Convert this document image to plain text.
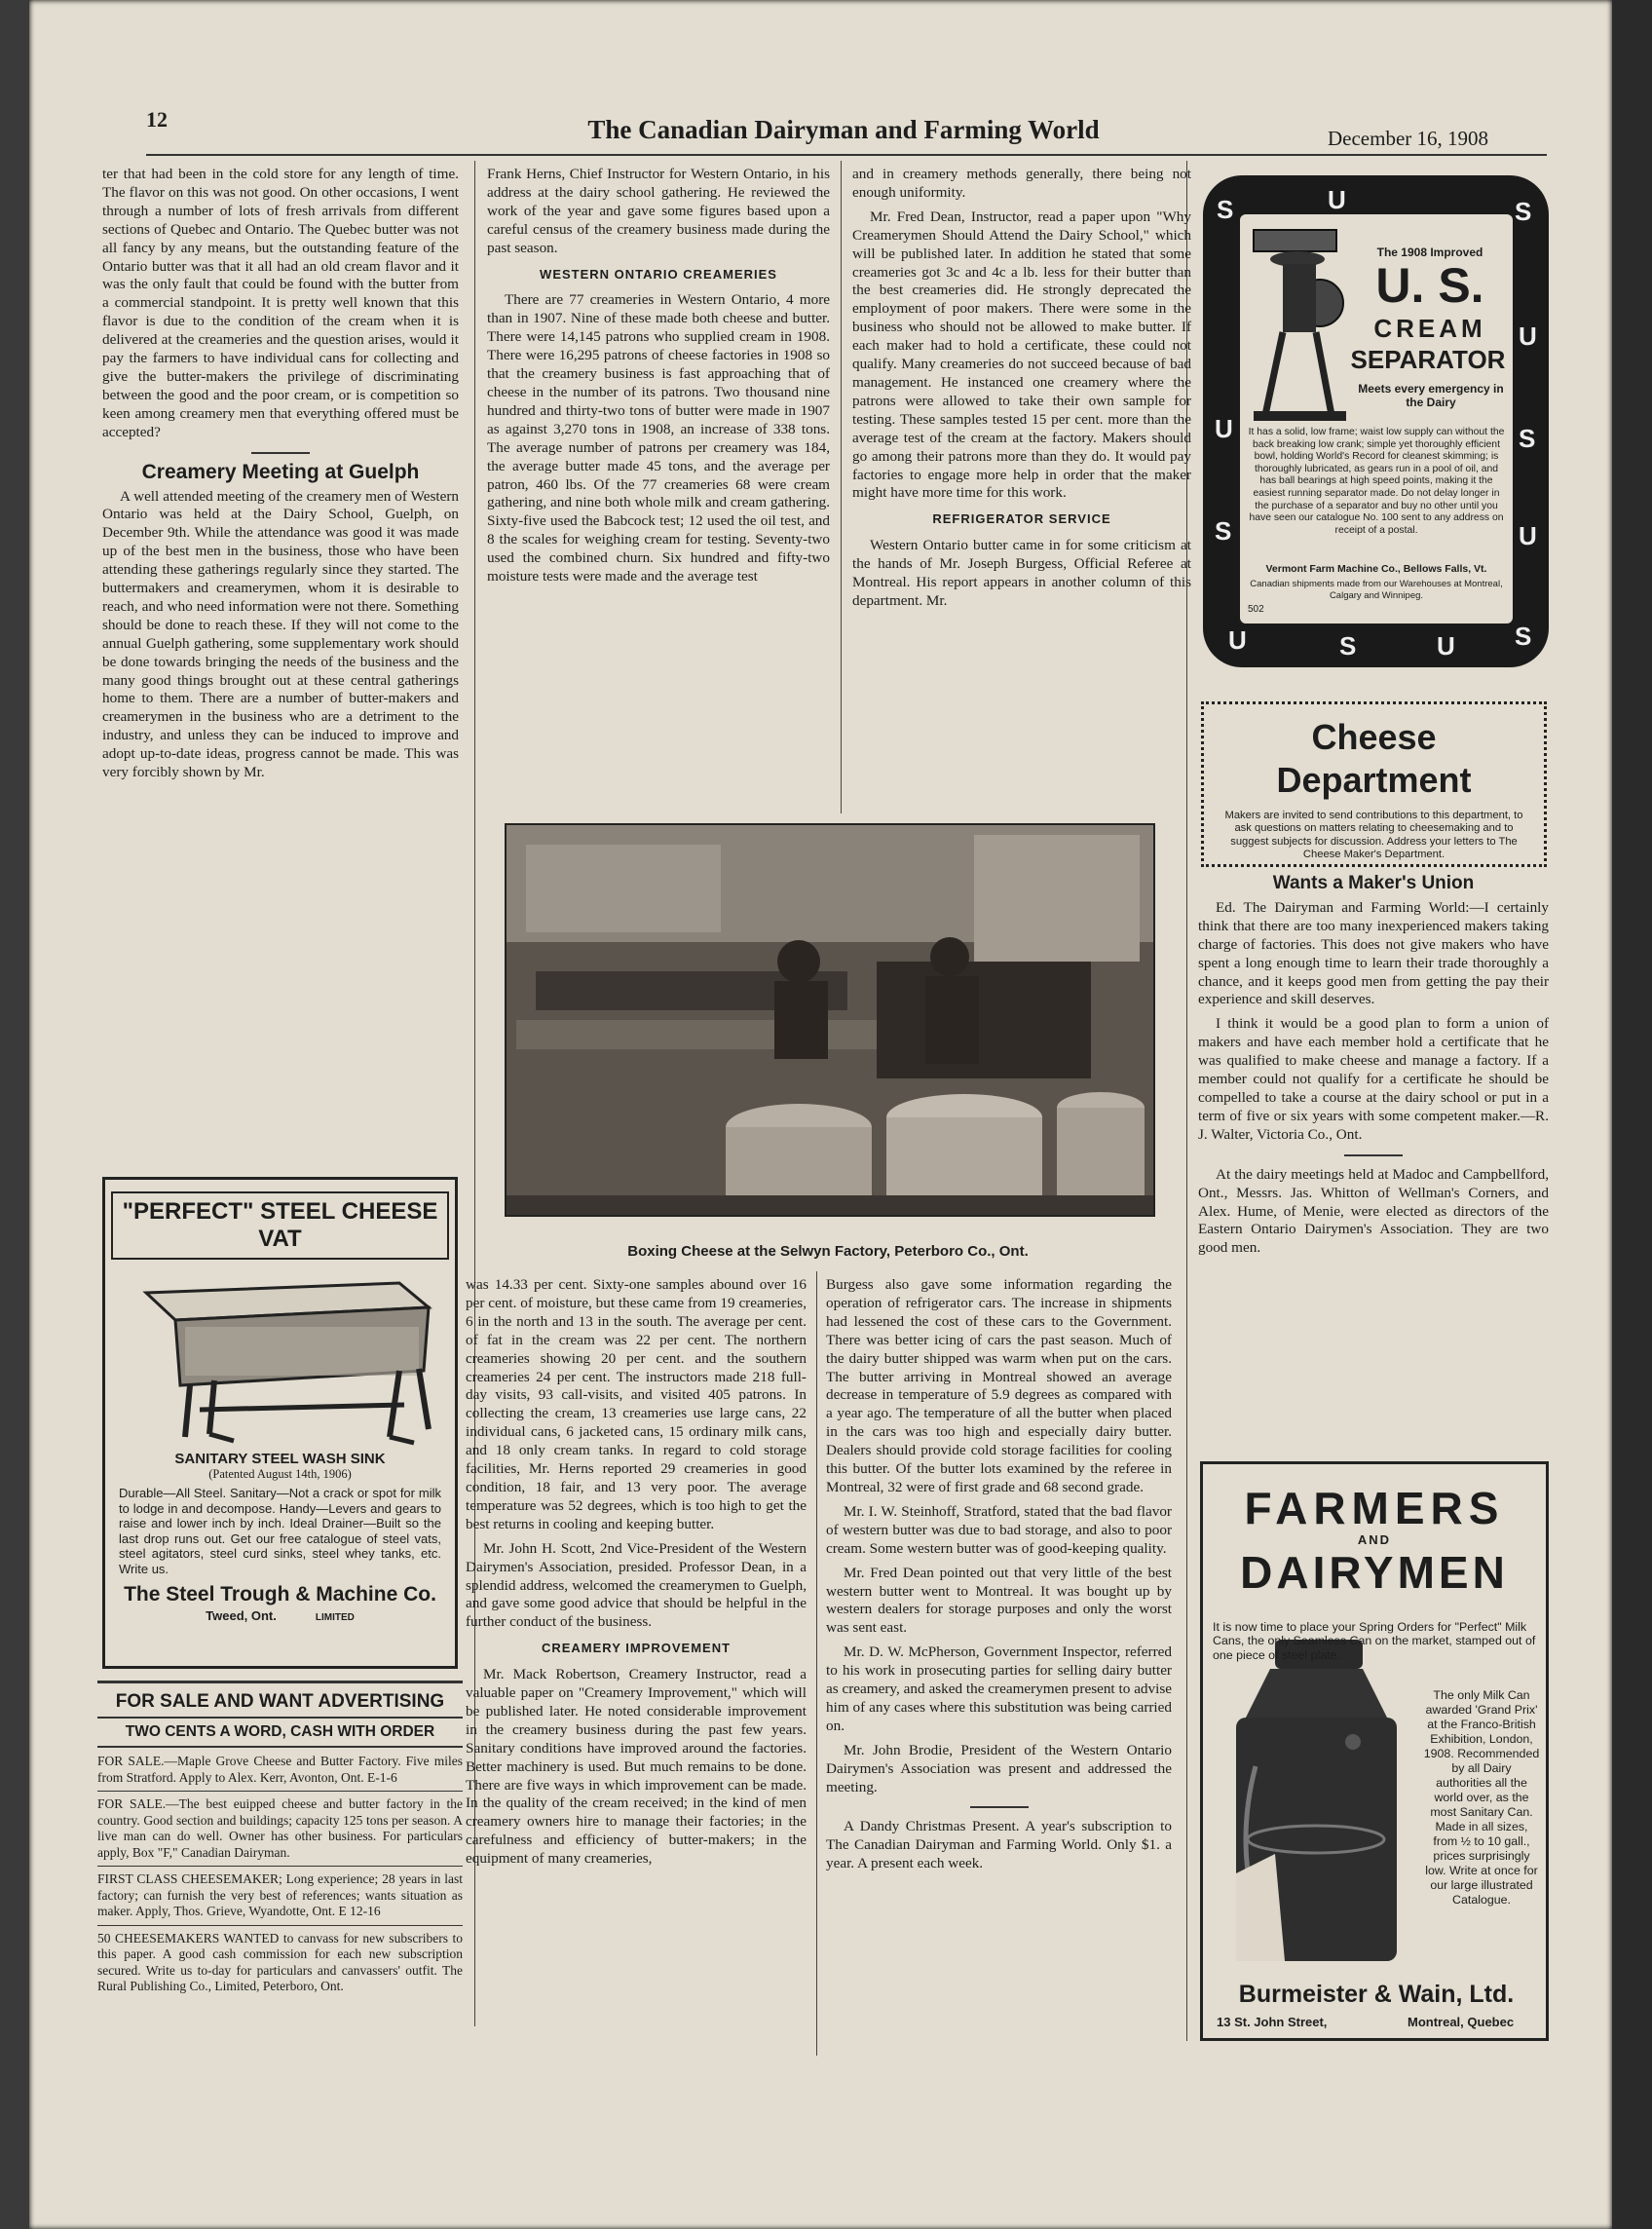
12	The Canadian Dairyman and Farming World	December 16, 1908

ter that had been in the cold store for any length of time. The flavor on this was not good. On other occasions, I went through a number of lots of fresh arrivals from different sections of Quebec and Ontario. The Quebec butter was not all fancy by any means, but the outstanding feature of the Ontario butter was that it all had an old cream flavor and it was the only fault that could be found with the butter from a commercial standpoint. It is pretty well known that this flavor is due to the condition of the cream when it is delivered at the creameries and the question arises, would it pay the farmers to have individual cans for collecting and give the butter-makers the privilege of discriminating between the good and the poor cream, or is competition so keen among creamery men that everything offered must be accepted?

Creamery Meeting at Guelph

A well attended meeting of the creamery men of Western Ontario was held at the Dairy School, Guelph, on December 9th. While the attendance was good it was made up of the best men in the business, those who have been attending these gatherings regularly since they started. The buttermakers and creamerymen, whom it is desirable to reach, and who need information were not there. Something should be done to reach these. If they will not come to the annual Guelph gathering, some supplementary work should be done towards bringing the needs of the business and the many good things brought out at these central gatherings home to them. There are a number of butter-makers and creamerymen in the business who are a detriment to the industry, and unless they can be induced to improve and adopt up-to-date ideas, progress cannot be made. This was very forcibly shown by Mr.

Frank Herns, Chief Instructor for Western Ontario, in his address at the dairy school gathering. He reviewed the work of the year and gave some figures based upon a careful census of the creamery business made during the past season.

WESTERN ONTARIO CREAMERIES

There are 77 creameries in Western Ontario, 4 more than in 1907. Nine of these made both cheese and butter. There were 14,145 patrons who supplied cream in 1908. There were 16,295 patrons of cheese factories in 1908 so that the creamery business is fast approaching that of cheese in the number of its patrons. Two thousand nine hundred and thirty-two tons of butter were made in 1907 as against 3,270 tons in 1908, an increase of 338 tons. The average number of patrons per creamery was 184, the average butter made 45 tons, and the average per patron, 460 lbs. Of the 77 creameries 68 were cream gathering, and nine both whole milk and cream gathering. Sixty-five used the Babcock test; 12 used the oil test, and 8 the scales for weighing cream for testing. Seventy-two used the combined churn. Six hundred and fifty-two moisture tests were made and the average test

and in creamery methods generally, there being not enough uniformity.

Mr. Fred Dean, Instructor, read a paper upon "Why Creamerymen Should Attend the Dairy School," which will be published later. In addition he stated that some creameries got 3c and 4c a lb. less for their butter than the best creameries did. He strongly deprecated the employment of poor makers. There were some in the business who should not be allowed to make butter. If each maker had to hold a certificate, these could not qualify. Many creameries do not succeed because of bad management. He instanced one creamery where the patrons were allowed to take their own sample for testing. These samples tested 15 per cent. more than the average test of the cream at the factory. Makers should go among their patrons more than they do. It would pay factories to engage more help in order that the maker might have more time for this work.

REFRIGERATOR SERVICE

Western Ontario butter came in for some criticism at the hands of Mr. Joseph Burgess, Official Referee at Montreal. His report appears in another column of this department. Mr.

Boxing Cheese at the Selwyn Factory, Peterboro Co., Ont.

was 14.33 per cent. Sixty-one samples abound over 16 per cent. of moisture, but these came from 19 creameries, 6 in the north and 13 in the south. The average per cent. of fat in the cream was 22 per cent. The northern creameries showing 20 per cent. and the southern creameries 24 per cent. The instructors made 218 full-day visits, 93 call-visits, and visited 405 patrons. In collecting the cream, 13 creameries use large cans, 22 individual cans, 6 jacketed cans, 15 ordinary milk cans, and 18 only cream tanks. In regard to cold storage facilities, Mr. Herns reported 29 creameries in good condition, 18 fair, and 13 very poor. The average temperature was 52 degrees, which is too high to get the best returns in cooling and keeping butter.

Mr. John H. Scott, 2nd Vice-President of the Western Dairymen's Association, presided. Professor Dean, in a splendid address, welcomed the creamerymen to Guelph, and gave some good advice that should be helpful in the further conduct of the business.

CREAMERY IMPROVEMENT

Mr. Mack Robertson, Creamery Instructor, read a valuable paper on "Creamery Improvement," which will be published later. He noted considerable improvement in the creamery business during the past few years. Sanitary conditions have improved around the factories. Better machinery is used. But much remains to be done. There are five ways in which improvement can be made. In the quality of the cream received; in the kind of men creamery owners hire to manage their factories; in the carefulness and efficiency of butter-makers; in the equipment of many creameries,

Burgess also gave some information regarding the operation of refrigerator cars. The increase in shipments had lessened the cost of these cars to the Government. There was better icing of cars the past season. Much of the dairy butter shipped was warm when put on the cars. The butter arriving in Montreal showed an average decrease in temperature of 5.9 degrees as compared with a year ago. The temperature of all the butter when placed in the cars was too high and especially dairy butter. Dealers should provide cold storage facilities for cooling this butter. Of the butter lots examined by the referee in Montreal, 32 were of first grade and 68 second grade.

Mr. I. W. Steinhoff, Stratford, stated that the bad flavor of western butter was due to bad storage, and also to poor cream. Some western butter was of good-keeping quality.

Mr. Fred Dean pointed out that very little of the best western butter went to Montreal. It was bought up by western dealers for storage purposes and only the worst was sent east.

Mr. D. W. McPherson, Government Inspector, referred to his work in prosecuting parties for selling dairy butter as creamery, and asked the creamerymen present to advise him of any cases where this substitution was being carried on.

Mr. John Brodie, President of the Western Ontario Dairymen's Association was present and addressed the meeting.

A Dandy Christmas Present. A year's subscription to The Canadian Dairyman and Farming World. Only $1. a year. A present each week.

"PERFECT" STEEL CHEESE VAT
SANITARY STEEL WASH SINK
(Patented August 14th, 1906)
Durable—All Steel. Sanitary—Not a crack or spot for milk to lodge in and decompose. Handy—Levers and gears to raise and lower inch by inch. Ideal Drainer—Built so the last drop runs out. Get our free catalogue of steel vats, steel agitators, steel curd sinks, steel whey tanks, etc. Write us.
The Steel Trough & Machine Co.
Tweed, Ont.	LIMITED
FOR SALE AND WANT ADVERTISING
TWO CENTS A WORD, CASH WITH ORDER
FOR SALE.—Maple Grove Cheese and Butter Factory. Five miles from Stratford. Apply to Alex. Kerr, Avonton, Ont. E-1-6
FOR SALE.—The best euipped cheese and butter factory in the country. Good section and buildings; capacity 125 tons per season. A live man can do well. Owner has other business. For particulars apply, Box "F," Canadian Dairyman.
FIRST CLASS CHEESEMAKER; Long experience; 28 years in last factory; can furnish the very best of references; wants situation as maker. Apply, Thos. Grieve, Wyandotte, Ont. E 12-16
50 CHEESEMAKERS WANTED to canvass for new subscribers to this paper. A good cash commission for each new subscription secured. Write us to-day for particulars and canvassers' outfit. The Rural Publishing Co., Limited, Peterboro, Ont.
U	S
U
S
U
S
U
S
U
S
U
S
The 1908 Improved
U. S.
CREAM
SEPARATOR
Meets every emergency in the Dairy
It has a solid, low frame; waist low supply can without the back breaking low crank; simple yet thoroughly efficient bowl, holding World's Record for cleanest skimming; is thoroughly lubricated, as gears run in a pool of oil, and has ball bearings at high speed points, making it the easiest running separator made. Do not delay longer in the purchase of a separator and buy no other until you have seen our catalogue No. 100 sent to any address on receipt of a postal.
Vermont Farm Machine Co., Bellows Falls, Vt.
Canadian shipments made from our Warehouses at Montreal, Calgary and Winnipeg.
502
Cheese Department
Makers are invited to send contributions to this department, to ask questions on matters relating to cheesemaking and to suggest subjects for discussion. Address your letters to The Cheese Maker's Department.
Wants a Maker's Union

Ed. The Dairyman and Farming World:—I certainly think that there are too many inexperienced makers taking charge of factories. This does not give makers who have spent a long enough time to learn their trade thoroughly a chance, and it keeps good men from getting the pay their experience and skill deserves.

I think it would be a good plan to form a union of makers and have each member hold a certificate that he was qualified to make cheese and manage a factory. If a member could not qualify for a certificate he should be compelled to take a course at the dairy school or put in a term of five or six years with some competent maker.—R. J. Walter, Victoria Co., Ont.

At the dairy meetings held at Madoc and Campbellford, Ont., Messrs. Jas. Whitton of Wellman's Corners, and Alex. Hume, of Menie, were elected as directors of the Eastern Ontario Dairymen's Association. They are two good men.

FARMERS
AND
DAIRYMEN
It is now time to place your Spring Orders for "Perfect" Milk Cans, the only Seamless Can on the market, stamped out of one piece of steel plate.
The only Milk Can awarded 'Grand Prix' at the Franco-British Exhibition, London, 1908. Recommended by all Dairy authorities all the world over, as the most Sanitary Can. Made in all sizes, from ½ to 10 gall., prices surprisingly low. Write at once for our large illustrated Catalogue.
Burmeister & Wain, Ltd.
13 St. John Street,	Montreal, Quebec
